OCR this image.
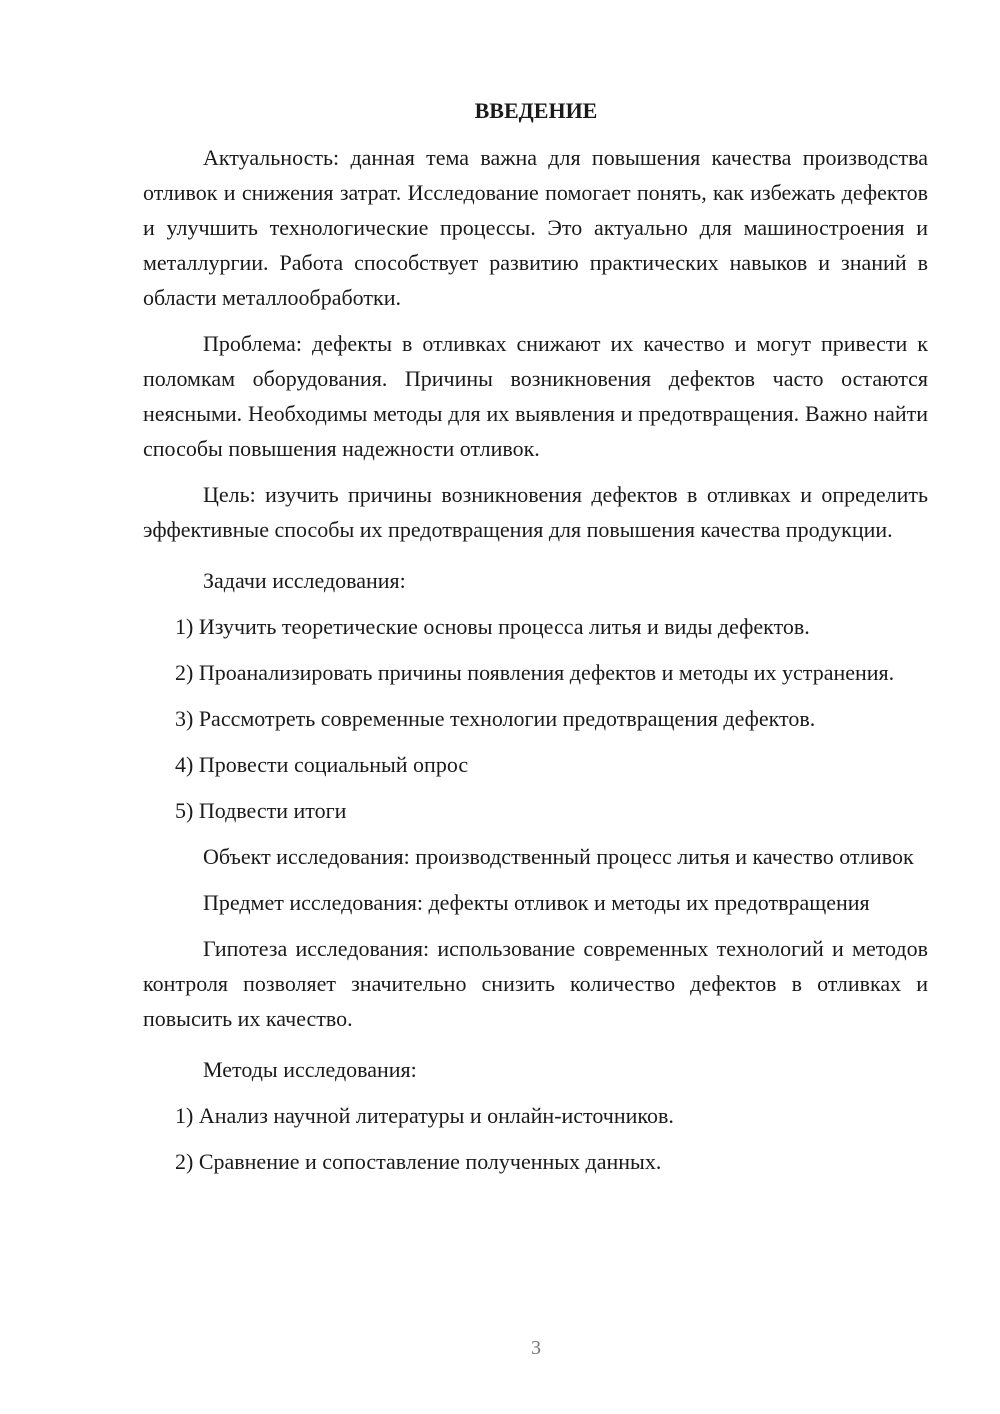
ВВЕДЕНИЕ

Актуальность: данная тема важна для повышения качества производства отливок и снижения затрат. Исследование помогает понять, как избежать дефектов и улучшить технологические процессы. Это актуально для машиностроения и металлургии. Работа способствует развитию практических навыков и знаний в области металлообработки.

Проблема: дефекты в отливках снижают их качество и могут привести к поломкам оборудования. Причины возникновения дефектов часто остаются неясными. Необходимы методы для их выявления и предотвращения. Важно найти способы повышения надежности отливок.

Цель: изучить причины возникновения дефектов в отливках и определить эффективные способы их предотвращения для повышения качества продукции.

Задачи исследования:

1) Изучить теоретические основы процесса литья и виды дефектов.

2) Проанализировать причины появления дефектов и методы их устранения.

3) Рассмотреть современные технологии предотвращения дефектов.

4) Провести социальный опрос

5) Подвести итоги

Объект исследования: производственный процесс литья и качество отливок

Предмет исследования: дефекты отливок и методы их предотвращения

Гипотеза исследования: использование современных технологий и методов контроля позволяет значительно снизить количество дефектов в отливках и повысить их качество.

Методы исследования:

1) Анализ научной литературы и онлайн-источников.

2) Сравнение и сопоставление полученных данных.

3
